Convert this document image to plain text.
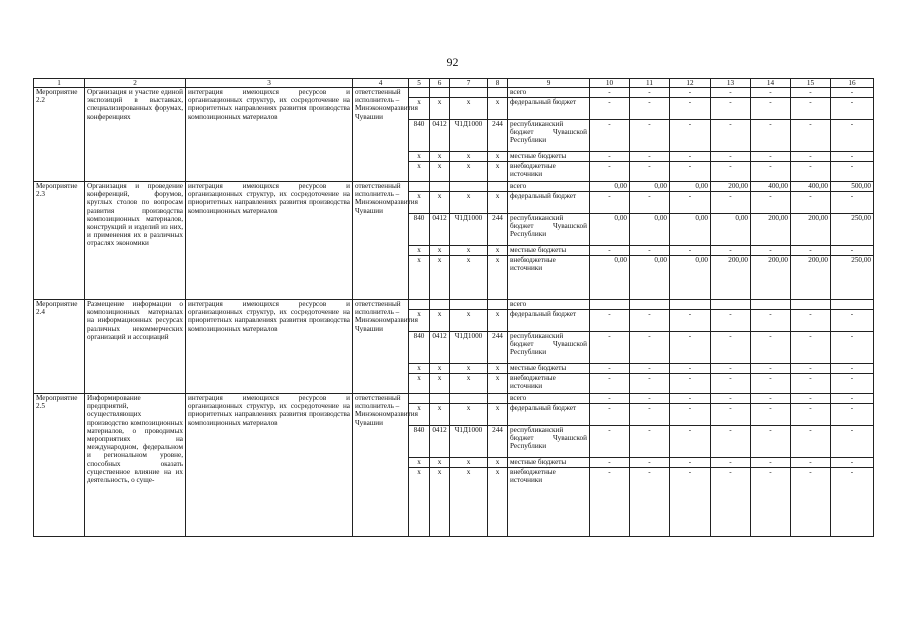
92
1	2	3	4	5	6	7	8	9	10	11	12	13	14	15	16
Мероприятие 2.2	Организация и участие единой экспозиций в выставках, специализированных форумах, конференциях	интеграция имеющихся ресурсов и организационных структур, их сосредоточение на приоритетных направлениях развития производства композиционных материалов	ответственный исполнитель – Минэкономразвития Чувашии					всего	-	-	-	-	-	-	-
				x	x	x	x	федеральный бюджет	-	-	-	-	-	-	-
				840	0412	Ч1Д1000	244	республиканский бюджет Чувашской Республики	-	-	-	-	-	-	-
				x	x	x	x	местные бюджеты	-	-	-	-	-	-	-
				x	x	x	x	внебюджетные источники	-	-	-	-	-	-	-
Мероприятие 2.3	Организация и проведение конференций, форумов, круглых столов по вопросам развития производства композиционных материалов, конструкций и изделий из них, и применения их в различных отраслях экономики	интеграция имеющихся ресурсов и организационных структур, их сосредоточение на приоритетных направлениях развития производства композиционных материалов	ответственный исполнитель – Минэкономразвития Чувашии					всего	0,00	0,00	0,00	200,00	400,00	400,00	500,00
				x	x	x	x	федеральный бюджет	-	-	-	-	-	-	-
				840	0412	Ч1Д1000	244	республиканский бюджет Чувашской Республики	0,00	0,00	0,00	0,00	200,00	200,00	250,00
				x	x	x	x	местные бюджеты	-	-	-	-	-	-	-
				x	x	x	x	внебюджетные источники	0,00	0,00	0,00	200,00	200,00	200,00	250,00
Мероприятие 2.4	Размещение информации о композиционных материалах на информационных ресурсах различных некоммерческих организаций и ассоциаций	интеграция имеющихся ресурсов и организационных структур, их сосредоточение на приоритетных направлениях развития производства композиционных материалов	ответственный исполнитель – Минэкономразвития Чувашии					всего							
				x	x	x	x	федеральный бюджет	-	-	-	-	-	-	-
				840	0412	Ч1Д1000	244	республиканский бюджет Чувашской Республики	-	-	-	-	-	-	-
				x	x	x	x	местные бюджеты	-	-	-	-	-	-	-
				x	x	x	x	внебюджетные источники	-	-	-	-	-	-	-
Мероприятие 2.5	Информирование предприятий, осуществляющих производство композиционных материалов, о проводимых мероприятиях на международном, федеральном и региональном уровне, способных оказать существенное влияние на их деятельность, о суще-	интеграция имеющихся ресурсов и организационных структур, их сосредоточение на приоритетных направлениях развития производства композиционных материалов	ответственный исполнитель – Минэкономразвития Чувашии					всего	-	-	-	-	-	-	-
				x	x	x	x	федеральный бюджет	-	-	-	-	-	-	-
				840	0412	Ч1Д1000	244	республиканский бюджет Чувашской Республики	-	-	-	-	-	-	-
				x	x	x	x	местные бюджеты	-	-	-	-	-	-	-
				x	x	x	x	внебюджетные источники	-	-	-	-	-	-	-
